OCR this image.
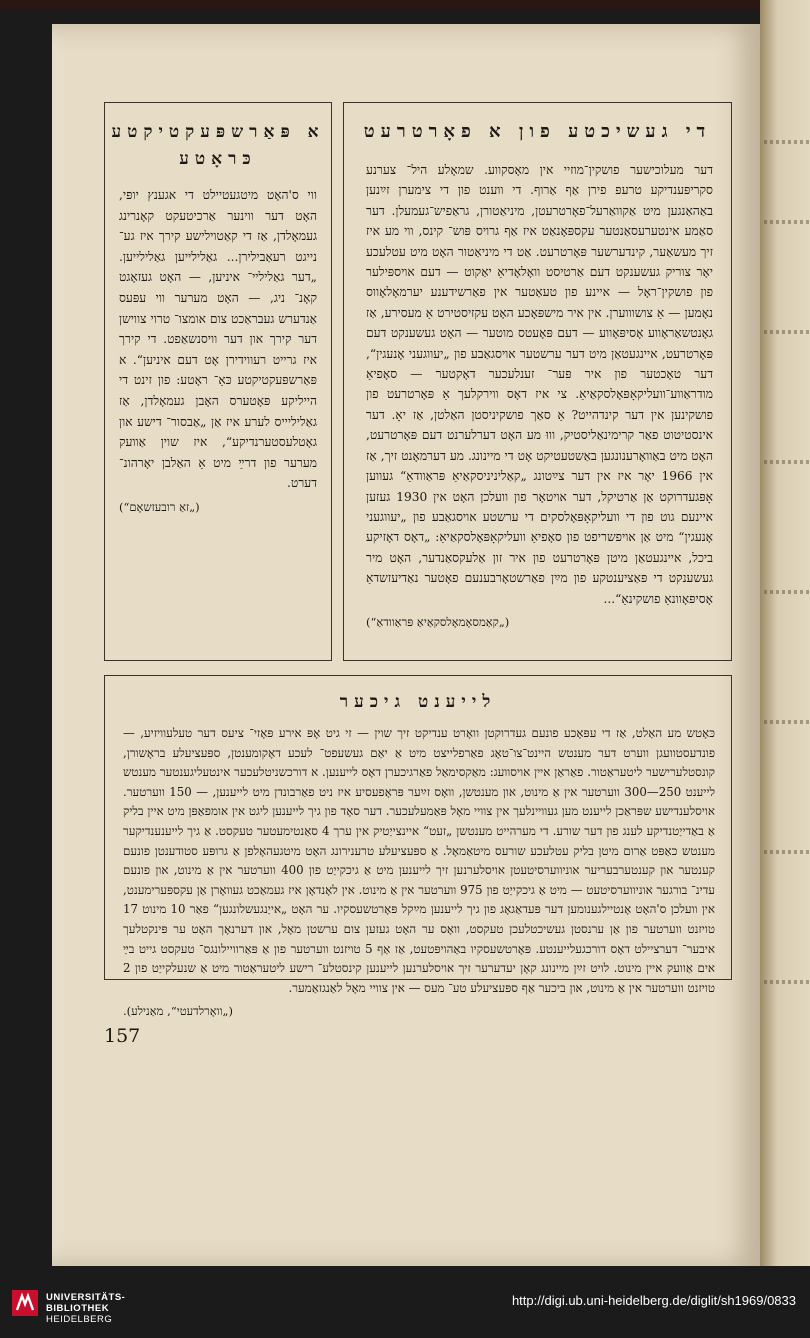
די געשיכטע פון א פאָרטרעט

דער מעלוכישער פושקין־מוזיי אין מאָסקווע. שמאָלע היל־ צערנע סקריפּענדיקע טרעפּ פירן אַף אַרוף. די ווענט פון די צימערן זײַנען באַהאַנגען מיט אַקוואַרעל־פאָרטרעטן, מיניאַטורן, גראַפיש־געמעלן. דער סאַמע אינטערעסאַנטער עקספּאָנאַט איז אַף גרויס פּוש־ קינס, ווי מע איז זיך מעשאַער, קינדערשער פּאָרטרעט. אַט די מיניאַטור האָט מיט עטלעכע יאָר צוריק געשענקט דעם אַרטיסט וואָלאָדיאַ יאַקוט — דעם אויספּילער פון פושקין־ראָל — איינע פון טעאַטער אין פאַרשידענע יערמאָלאָווס נאָמען — אַ צושוווערן. אין איר מישפּאָכע האָט עקזיסטירט אַ מעסירע, אַז גאָנטשאַראָווע אָסיפּאָווע — דעם פּאָעטס מוטער — האָט געשענקט דעם פּאָרטרעט, איינגעטאַן מיט דער ערשטער אויסגאַבע פון „יעווגעני אָנעגין“, דער טאָכטער פון איר פּער־ זענלעכער דאָקטער — סאָפיאַ מודראַווע־וועליקאָפּאָלסקאַיאַ. צי איז דאָס ווירקלעך אַ פּאָרטרעט פון פושקינען אין דער קינדהייט? אַ סאַך פושקיניסטן האַלטן, אַז יאָ. דער אינסטיטוט פאַר קרימינאַליסטיק, וווּ מע האָט דערלערנט דעם פּאָרטרעט, האָט מיט באַוואָרענונגען באַשטעטיקט אָט די מיינונג. מע דערמאָנט זיך, אַז אין 1966 יאָר איז אין דער צײַטונג „קאַליניניסקאַיאַ פּראַוודאַ“ געווען אָפּגעדרוקט אַן אַרטיקל, דער אויטאָר פון וועלכן האָט אין 1930 געזען איינעם גוט פון די וועליקאָפּאָלסקים די ערשטע אויסגאַבע פון „יעווגעני אָנעגין“ מיט אַן אויפשריפט פון סאָפיאַ וועליקאָפּאָלסקאַיאַ: „דאָס דאָזיקע ביכל, איינגעטאַן מיטן פּאָרטרעט פון איר זון אַלעקסאַנדער, האָט מיר געשענקט די פּאַציענטקע פון מײַן פאַרשטאָרבענעם פאָטער נאַדיעזשדאַ אָסיפּאָוונאַ פושקינאַ“...

(„קאַמסאָמאָלסקאַיאַ פּראַוודאַ“)
א פּאַרשפּעקטיקטע כּראָטע

ווי ס'האָט מיטגעטיילט די אגענץ יופּי, האָט דער ווינער אַרכיטעקט קאָנרינג געמאָלדן, אַז די קאַטוילישע קירך איז גע־ נייגט רעאַבילירן... גאַלילייען גאַלילייען. „דער גאַליליי־ איניען, — האָט געזאָגט קאָנ־ ניג, — האָט מערער ווי עפּעס אַנדערש געבראַכט צום אומצו־ טרוי צווישן דער קירך און דער וויסנשאַפט. די קירך איז גרייט רעווידירן אָט דעם איניען“. א פּאַרשפּעקטיקטע כּאַ־ ראָטע: פון זינט די הייליקע פּאָטערס האָבן געמאָלדן, אַז גאַליליייס לערע איז אַן „אַבסור־ דישע און גאָטלעסטערנדיקע“, איז שוין אַוועק מערער פון דרײַ מיט אַ האַלבן יאָרהונ־ דערט.

(„זאַ רובעזשאָם“)
לייענט גיכער

כּאָטש מע האַלט, אַז די עפּאָכע פונעם געדרוקטן וואָרט ענדיקט זיך שוין — זי גיט אָפּ אירע פּאָזי־ ציעס דער טעלעוויזיע, — פונדעסטוועגן ווערט דער מענטש היינט־צו־טאָג פאַרפלייצט מיט אַ יאַם געשעפט־ לעכע דאָקומענטן, ספּעציעלע בראָשורן, קונסטלערישער ליטעראַטור. פאַראַן איין אויסוועג: מאַקסימאַל פאַרגיכערן דאָס לייענען. א דורכשניטלעכער אינטעליגענטער מענטש לייענט 250—300 ווערטער אין אַ מינוט, און מענטשן, וואָס זײַער פּראָפעסיע איז ניט פאַרבונדן מיט לייענען, — 150 ווערטער. אויסלענדישע שפּראַכן לייענט מען געוויינלעך אין צוויי מאָל פּאַמעלעכער. דער סאָד פון גיך לייענען ליגט אין אומפאַפּן מיט איין בליק אַ באַדייַטנדיקע לענג פון דער שורע. די מערהייט מענטשן „זעט“ איינצייַטיק אין ערך 4 סאַנטימעטער טעקסט. אַ גיך לייענענדיקער מענטש כאַפּט אַרום מיטן בליק עטלעכע שורעס מיטאַמאָל. אַ ספּעציעלע טרענירונג האָט מיטגעהאָלפן אַ גרופּע סטודענטן פונעם קענטער און קענטערבעריער אוניווערסיטעטן אויסלערנען זיך לייענען מיט אַ גיכקייַט פון 400 ווערטער אין אַ מינוט, און פונעם עדינ־ בורגער אוניווערסיטעט — מיט אַ גיכקייַט פון 975 ווערטער אין אַ מינוט. אין לאָנדאָן איז געמאַכט געוואָרן אַן עקספּערימענט, אין וועלכן ס'האָט אָנטיילגענומען דער פּעדאַגאָג פון גיך לייענען מײַקל פּאָרטשעסקיו. ער האָט „אייַנגעשלונגען“ פאַר 10 מינוט 17 טויזנט ווערטער פון אַן ערנסטן געשיכטלעכן טעקסט, וואָס ער האָט געזען צום ערשטן מאָל, און דערנאָך האָט ער פּינקטלעך איבער־ דערציילט דאָס דורכגעלייענטע. פּאָרטשעסקיו באַהויפּטעט, אַז אַף 5 טויזנט ווערטער פון אַ פּאַרוויילונגס־ טעקסט גייט בײַ אים אַוועק איין מינוט. לויט זײַן מיינונג קאָן יעדערער זיך אויסלערנען לייענען קינסטלע־ רישע ליטעראַטור מיט אַ שנעלקייַט פון 2 טויזנט ווערטער אין אַ מינוט, און ביכער אַף ספּעציעלע טע־ מעס — אין צוויי מאָל לאַנגזאַמער.

(„וואָרלדעטי“, מאַנילע).
157
UNIVERSITÄTS-
BIBLIOTHEK
HEIDELBERG
http://digi.ub.uni-heidelberg.de/diglit/sh1969/0833
